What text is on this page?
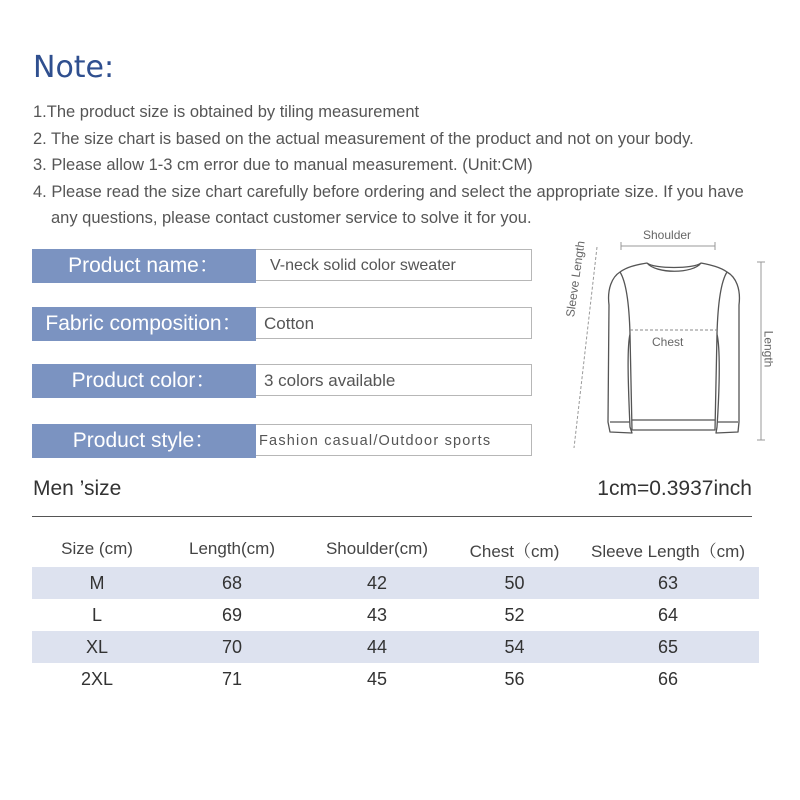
Note:
1.The product size is obtained by tiling measurement
2. The size chart is based on the actual measurement of the product and not on your body.
3. Please allow 1-3 cm error due to manual measurement. (Unit:CM)
4. Please read the size chart carefully before ordering and select the appropriate size. If you have
any questions, please contact customer service to solve it for you.
Product name：	V-neck solid color sweater
Fabric composition：	Cotton
Product color：	3 colors available
Product style：	Fashion casual/Outdoor sports
Shoulder
Chest
Sleeve Length
Length
Men ’size	1cm=0.3937inch
Size (cm)	Length(cm)	Shoulder(cm)	Chest（cm)	Sleeve Length（cm)
M	68	42	50	63
L	69	43	52	64
XL	70	44	54	65
2XL	71	45	56	66
